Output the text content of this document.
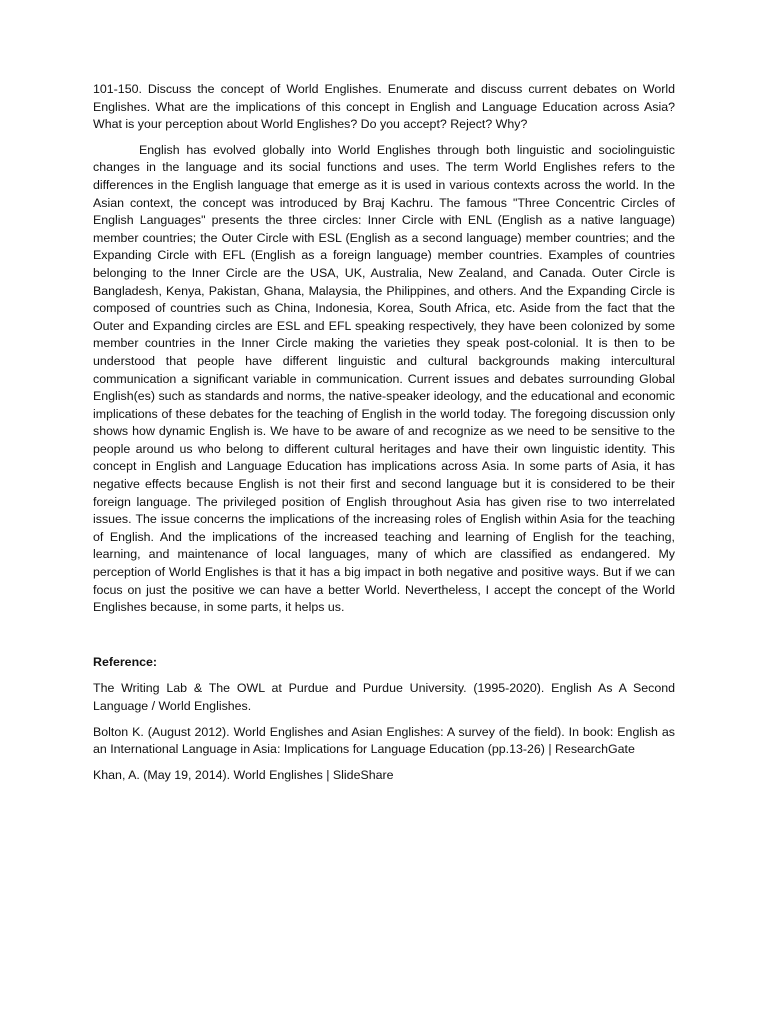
101-150. Discuss the concept of World Englishes. Enumerate and discuss current debates on World Englishes. What are the implications of this concept in English and Language Education across Asia? What is your perception about World Englishes? Do you accept? Reject? Why?

English has evolved globally into World Englishes through both linguistic and sociolinguistic changes in the language and its social functions and uses. The term World Englishes refers to the differences in the English language that emerge as it is used in various contexts across the world. In the Asian context, the concept was introduced by Braj Kachru. The famous "Three Concentric Circles of English Languages" presents the three circles: Inner Circle with ENL (English as a native language) member countries; the Outer Circle with ESL (English as a second language) member countries; and the Expanding Circle with EFL (English as a foreign language) member countries. Examples of countries belonging to the Inner Circle are the USA, UK, Australia, New Zealand, and Canada. Outer Circle is Bangladesh, Kenya, Pakistan, Ghana, Malaysia, the Philippines, and others. And the Expanding Circle is composed of countries such as China, Indonesia, Korea, South Africa, etc. Aside from the fact that the Outer and Expanding circles are ESL and EFL speaking respectively, they have been colonized by some member countries in the Inner Circle making the varieties they speak post-colonial. It is then to be understood that people have different linguistic and cultural backgrounds making intercultural communication a significant variable in communication. Current issues and debates surrounding Global English(es) such as standards and norms, the native-speaker ideology, and the educational and economic implications of these debates for the teaching of English in the world today. The foregoing discussion only shows how dynamic English is. We have to be aware of and recognize as we need to be sensitive to the people around us who belong to different cultural heritages and have their own linguistic identity. This concept in English and Language Education has implications across Asia. In some parts of Asia, it has negative effects because English is not their first and second language but it is considered to be their foreign language. The privileged position of English throughout Asia has given rise to two interrelated issues. The issue concerns the implications of the increasing roles of English within Asia for the teaching of English. And the implications of the increased teaching and learning of English for the teaching, learning, and maintenance of local languages, many of which are classified as endangered. My perception of World Englishes is that it has a big impact in both negative and positive ways. But if we can focus on just the positive we can have a better World. Nevertheless, I accept the concept of the World Englishes because, in some parts, it helps us.

Reference:

The Writing Lab & The OWL at Purdue and Purdue University. (1995-2020). English As A Second Language / World Englishes.

Bolton K. (August 2012). World Englishes and Asian Englishes: A survey of the field). In book: English as an International Language in Asia: Implications for Language Education (pp.13-26) | ResearchGate

Khan, A. (May 19, 2014). World Englishes | SlideShare
